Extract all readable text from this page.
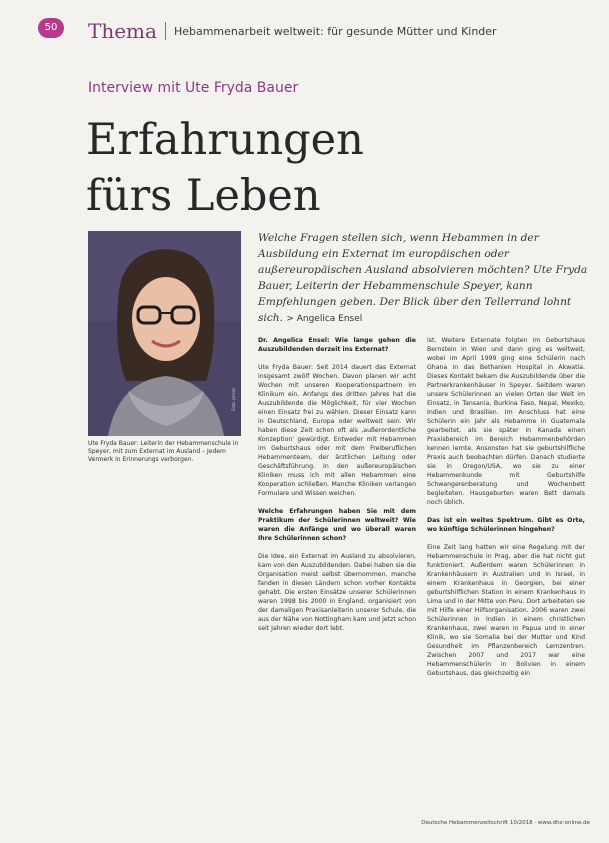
50	Thema Hebammenarbeit weltweit: für gesunde Mütter und Kinder
Interview mit Ute Fryda Bauer
Erfahrungen
fürs Leben
Foto: privat
Ute Fryda Bauer: Leiterin der Hebammenschule in Speyer, mit zum Externat im Ausland – Jedem Vermerk in Erinnerungs verborgen.
Welche Fragen stellen sich, wenn Hebammen in der Ausbildung ein Externat im europäischen oder außereuropäischen Ausland absolvieren möchten? Ute Fryda Bauer, Leiterin der Hebammenschule Speyer, kann Empfehlungen geben. Der Blick über den Tellerrand lohnt sich. > Angelica Ensel

Dr. Angelica Ensel: Wie lange gehen die Auszubildenden derzeit ins Externat?

Ute Fryda Bauer: Seit 2014 dauert das Externat insgesamt zwölf Wochen. Davon planen wir acht Wochen mit unseren Kooperationspartnern im Klinikum ein. Anfangs des dritten Jahres hat die Auszubildende die Möglichkeit, für vier Wochen einen Einsatz frei zu wählen. Dieser Einsatz kann in Deutschland, Europa oder weltweit sein. Wir haben diese Zeit schon oft als ‚außerordentliche Konzeption' gewürdigt. Entweder mit Hebammen im Geburtshaus oder mit dem Freiberuflichen Hebammenteam, der ärztlichen Leitung oder Geschäftsführung. In den außereuropäischen Kliniken muss ich mit allen Hebammen eine Kooperation schließen. Manche Kliniken verlangen Formulare und Wissen weichen.

Welche Erfahrungen haben Sie mit dem Praktikum der Schülerinnen weltweit? Wie waren die Anfänge und wo überall waren Ihre Schülerinnen schon?

Die Idee, ein Externat im Ausland zu absolvieren, kam von den Auszubildenden. Dabei haben sie die Organisation meist selbst übernommen, manche fanden in diesen Ländern schon vorher Kontakte gehabt. Die ersten Einsätze unserer Schülerinnen waren 1998 bis 2000 in England, organisiert von der damaligen Praxisanleiterin unserer Schule, die aus der Nähe von Nottingham kam und jetzt schon seit Jahren wieder dort lebt.

ist. Weitere Externate folgten im Geburtshaus Bernstein in Wien und dann ging es weltweit, wobei im April 1999 ging eine Schülerin nach Ghana in das Bethanien Hospital in Akwatia. Dieses Kontakt bekam die Auszubildende über die Partnerkrankenhäuser in Speyer. Seitdem waren unsere Schülerinnen an vielen Orten der Welt im Einsatz, in Tansania, Burkina Faso, Nepal, Mexiko, Indien und Brasilien. Im Anschluss hat eine Schülerin ein Jahr als Hebamme in Guatemala gearbeitet, als sie später in Kanada einen Praxisbereich im Bereich Hebammenbehörden kennen lernte. Ansonsten hat sie geburtshilfliche Praxis auch beobachten dürfen. Danach studierte sie in Oregon/USA, wo sie zu einer Hebammenkunde mit Geburtshilfe Schwangerenberatung und Wochenbett begleiteten. Hausgeburten waren Bett damals noch üblich.

Das ist ein weites Spektrum. Gibt es Orte, wo künftige Schülerinnen hingehen?

Eine Zeit lang hatten wir eine Regelung mit der Hebammenschule in Prag, aber die hat nicht gut funktioniert. Außerdem waren Schülerinnen in Krankenhäusern in Australien und in Israel, in einem Krankenhaus in Georgien, bei einer geburtshilflichen Station in einem Krankenhaus in Lima und in der Mitte von Peru. Dort arbeiteten sie mit Hilfe einer Hilfsorganisation. 2006 waren zwei Schülerinnen in Indien in einem christlichen Krankenhaus, zwei waren in Papua und in einer Klinik, wo sie Somalia bei der Mutter und Kind Gesundheit im Pflanzenbereich Lernzentren. Zwischen 2007 und 2017 war eine Hebammenschülerin in Bolivien in einem Geburtshaus, das gleichzeitig ein

Deutsche Hebammenzeitschrift 10/2018 · www.dhz-online.de
